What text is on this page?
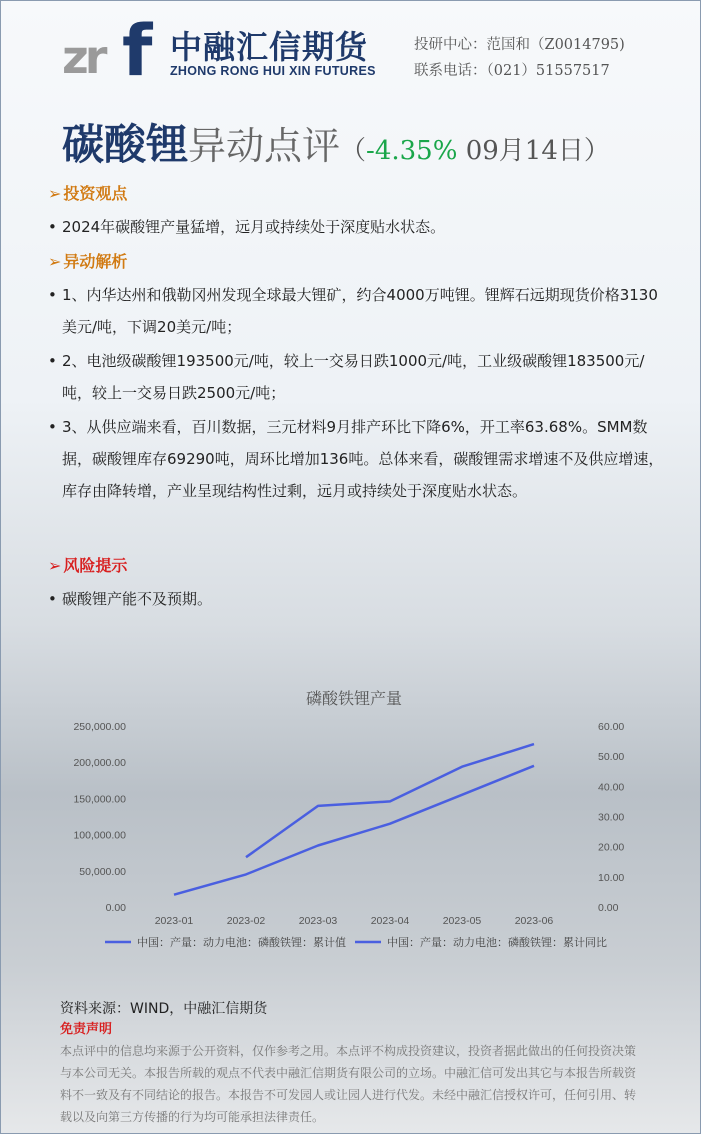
zr f 中融汇信期货
ZHONG RONG HUI XIN FUTURES
投研中心：范国和（Z0014795)
联系电话：（021）51557517
碳酸锂异动点评（-4.35% 09月14日）
➢ 投资观点
• 2024年碳酸锂产量猛增，远月或持续处于深度贴水状态。
➢ 异动解析
• 1、内华达州和俄勒冈州发现全球最大锂矿，约合4000万吨锂。锂辉石远期现货价格3130美元/吨，下调20美元/吨；
• 2、电池级碳酸锂193500元/吨，较上一交易日跌1000元/吨，工业级碳酸锂183500元/吨，较上一交易日跌2500元/吨；
• 3、从供应端来看，百川数据，三元材料9月排产环比下降6%，开工率63.68%。SMM数据，碳酸锂库存69290吨，周环比增加136吨。总体来看，碳酸锂需求增速不及供应增速，库存由降转增，产业呈现结构性过剩，远月或持续处于深度贴水状态。
➢ 风险提示
• 碳酸锂产能不及预期。
磷酸铁锂产量
0.00
50,000.00
100,000.00
150,000.00
200,000.00
250,000.00
0.00
10.00
20.00
30.00
40.00
50.00
60.00
2023-01	2023-02	2023-03	2023-04	2023-05	2023-06
中国：产量：动力电池：磷酸铁锂：累计值	中国：产量：动力电池：磷酸铁锂：累计同比
资料来源：WIND，中融汇信期货
免责声明
本点评中的信息均来源于公开资料，仅作参考之用。本点评不构成投资建议，投资者据此做出的任何投资决策与本公司无关。本报告所载的观点不代表中融汇信期货有限公司的立场。中融汇信可发出其它与本报告所载资料不一致及有不同结论的报告。本报告不可发园人或让园人进行代发。未经中融汇信授权许可，任何引用、转载以及向第三方传播的行为均可能承担法律责任。
